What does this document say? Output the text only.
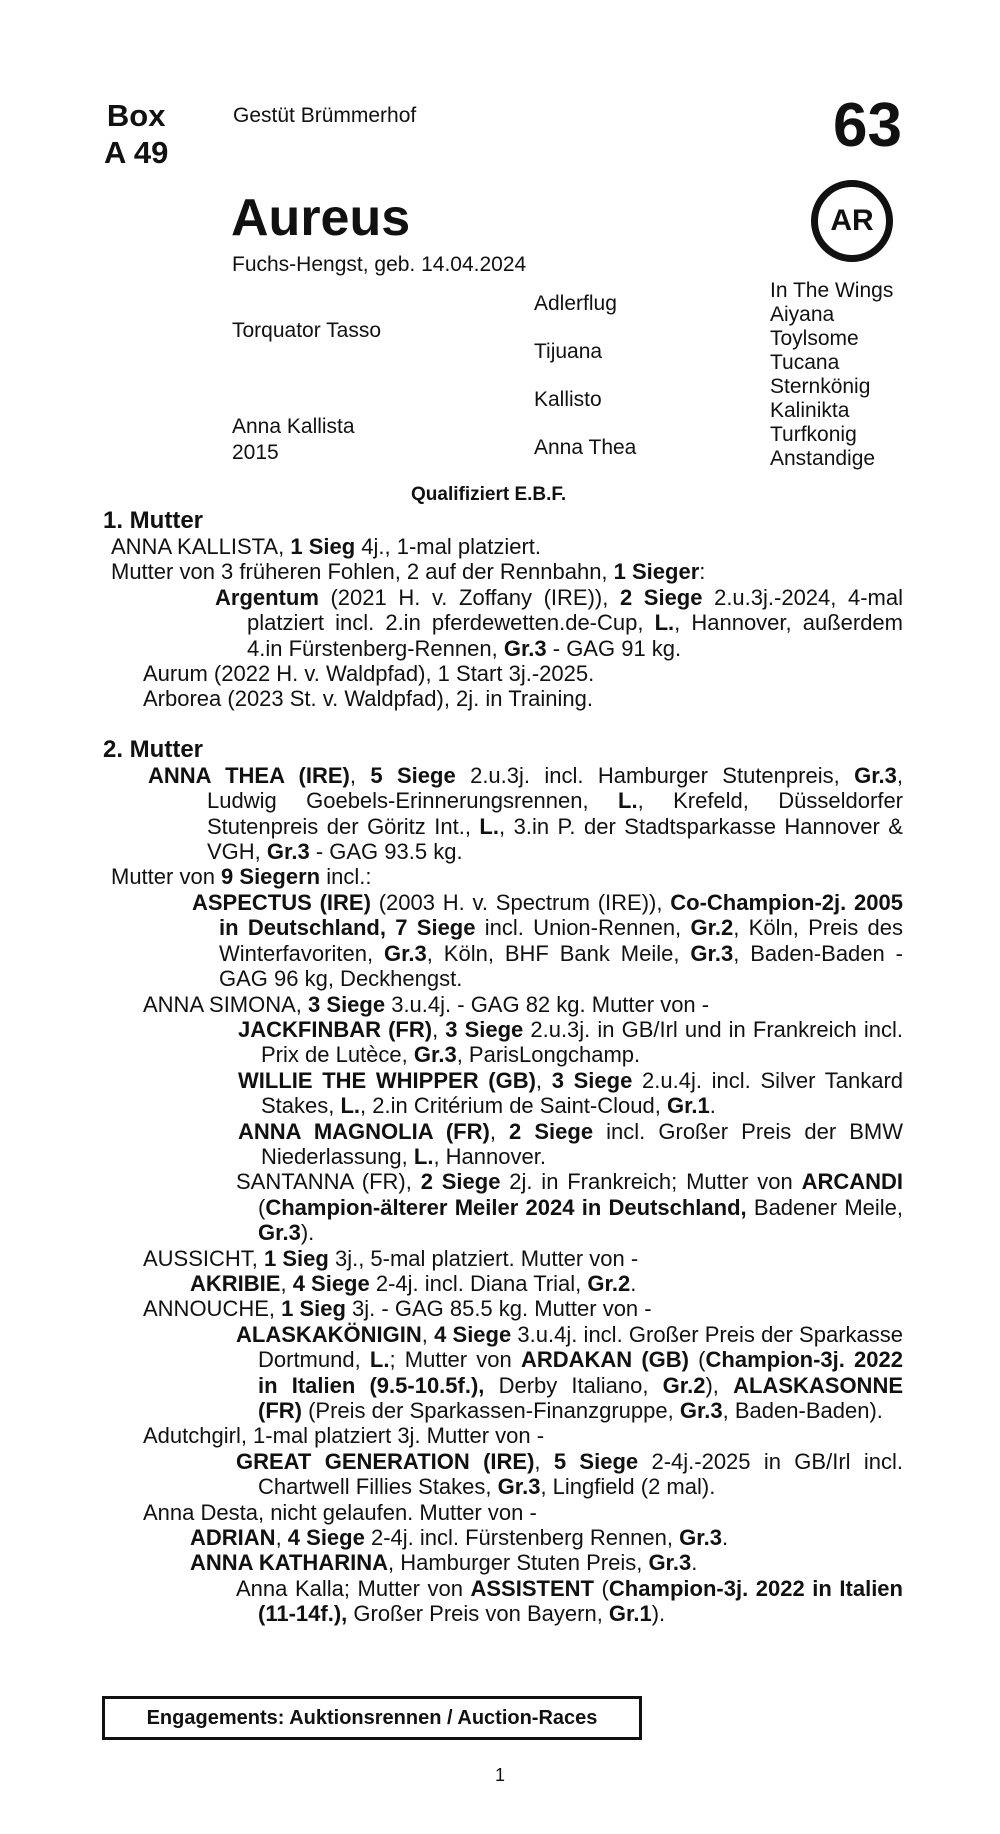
Box
A 49
Gestüt Brümmerhof	63
AR
Aureus
Fuchs-Hengst, geb. 14.04.2024
Torquator Tasso
Anna Kallista
2015
Adlerflug
Tijuana
Kallisto
Anna Thea
In The Wings
Aiyana
Toylsome
Tucana
Sternkönig
Kalinikta
Turfkonig
Anstandige
Qualifiziert E.B.F.

1. Mutter

ANNA KALLISTA, 1 Sieg 4j., 1-mal platziert.

Mutter von 3 früheren Fohlen, 2 auf der Rennbahn, 1 Sieger:

Argentum (2021 H. v. Zoffany (IRE)), 2 Siege 2.u.3j.-2024, 4-mal platziert incl. 2.in pferdewetten.de-Cup, L., Hannover, außerdem 4.in Fürstenberg-Rennen, Gr.3 - GAG 91 kg.

Aurum (2022 H. v. Waldpfad), 1 Start 3j.-2025.

Arborea (2023 St. v. Waldpfad), 2j. in Training.

2. Mutter

ANNA THEA (IRE), 5 Siege 2.u.3j. incl. Hamburger Stutenpreis, Gr.3, Ludwig Goebels-Erinnerungsrennen, L., Krefeld, Düsseldorfer Stutenpreis der Göritz Int., L., 3.in P. der Stadtsparkasse Hannover & VGH, Gr.3 - GAG 93.5 kg.

Mutter von 9 Siegern incl.:

ASPECTUS (IRE) (2003 H. v. Spectrum (IRE)), Co-Champion-2j. 2005 in Deutschland, 7 Siege incl. Union-Rennen, Gr.2, Köln, Preis des Winterfavoriten, Gr.3, Köln, BHF Bank Meile, Gr.3, Baden-Baden - GAG 96 kg, Deckhengst.

ANNA SIMONA, 3 Siege 3.u.4j. - GAG 82 kg. Mutter von -

JACKFINBAR (FR), 3 Siege 2.u.3j. in GB/Irl und in Frankreich incl. Prix de Lutèce, Gr.3, ParisLongchamp.

WILLIE THE WHIPPER (GB), 3 Siege 2.u.4j. incl. Silver Tankard Stakes, L., 2.in Critérium de Saint-Cloud, Gr.1.

ANNA MAGNOLIA (FR), 2 Siege incl. Großer Preis der BMW Niederlassung, L., Hannover.

SANTANNA (FR), 2 Siege 2j. in Frankreich; Mutter von ARCANDI (Champion-älterer Meiler 2024 in Deutschland, Badener Meile, Gr.3).

AUSSICHT, 1 Sieg 3j., 5-mal platziert. Mutter von -

AKRIBIE, 4 Siege 2-4j. incl. Diana Trial, Gr.2.

ANNOUCHE, 1 Sieg 3j. - GAG 85.5 kg. Mutter von -

ALASKAKÖNIGIN, 4 Siege 3.u.4j. incl. Großer Preis der Sparkasse Dortmund, L.; Mutter von ARDAKAN (GB) (Champion-3j. 2022 in Italien (9.5-10.5f.), Derby Italiano, Gr.2), ALASKASONNE (FR) (Preis der Sparkassen-Finanzgruppe, Gr.3, Baden-Baden).

Adutchgirl, 1-mal platziert 3j. Mutter von -

GREAT GENERATION (IRE), 5 Siege 2-4j.-2025 in GB/Irl incl. Chartwell Fillies Stakes, Gr.3, Lingfield (2 mal).

Anna Desta, nicht gelaufen. Mutter von -

ADRIAN, 4 Siege 2-4j. incl. Fürstenberg Rennen, Gr.3.

ANNA KATHARINA, Hamburger Stuten Preis, Gr.3.

Anna Kalla; Mutter von ASSISTENT (Champion-3j. 2022 in Italien (11-14f.), Großer Preis von Bayern, Gr.1).

Engagements: Auktionsrennen / Auction-Races
1
